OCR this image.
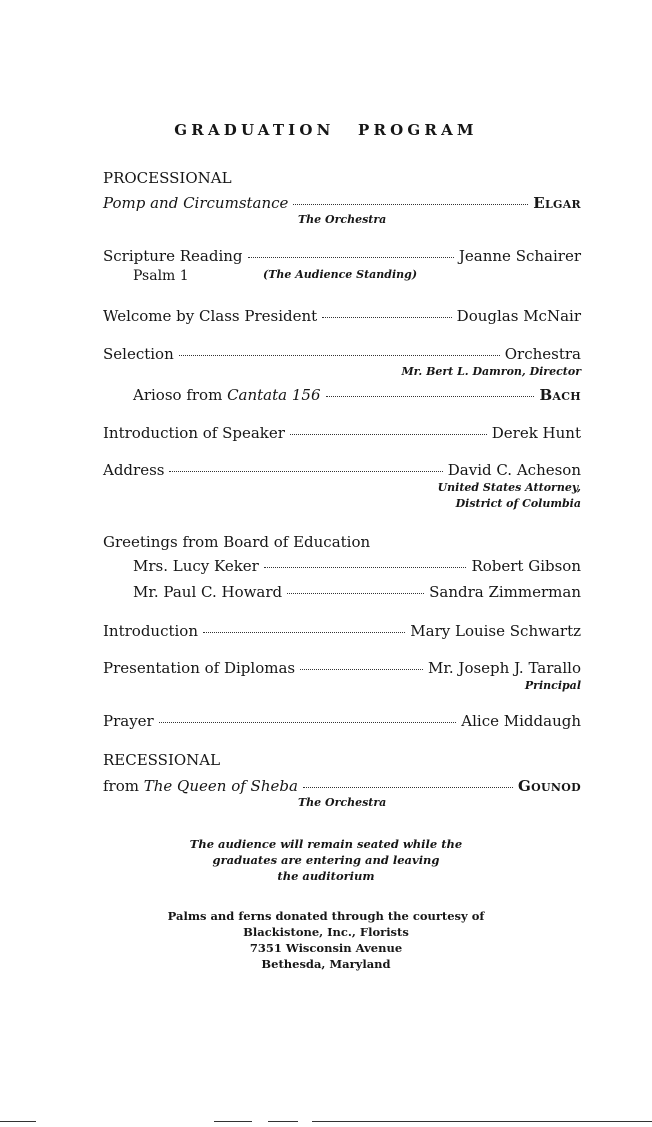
GRADUATION PROGRAM
PROCESSIONAL
Pomp and Circumstance	Elgar
The Orchestra
Scripture Reading	Jeanne Schairer
Psalm 1	(The Audience Standing)
Welcome by Class President	Douglas McNair
Selection	Orchestra
Mr. Bert L. Damron, Director
Arioso from Cantata 156	Bach
Introduction of Speaker	Derek Hunt
Address	David C. Acheson
United States Attorney,
District of Columbia
Greetings from Board of Education
Mrs. Lucy Keker	Robert Gibson
Mr. Paul C. Howard	Sandra Zimmerman
Introduction	Mary Louise Schwartz
Presentation of Diplomas	Mr. Joseph J. Tarallo
Principal
Prayer	Alice Middaugh
RECESSIONAL
from The Queen of Sheba	Gounod
The Orchestra
The audience will remain seated while the
graduates are entering and leaving
the auditorium
Palms and ferns donated through the courtesy of
Blackistone, Inc., Florists
7351 Wisconsin Avenue
Bethesda, Maryland
